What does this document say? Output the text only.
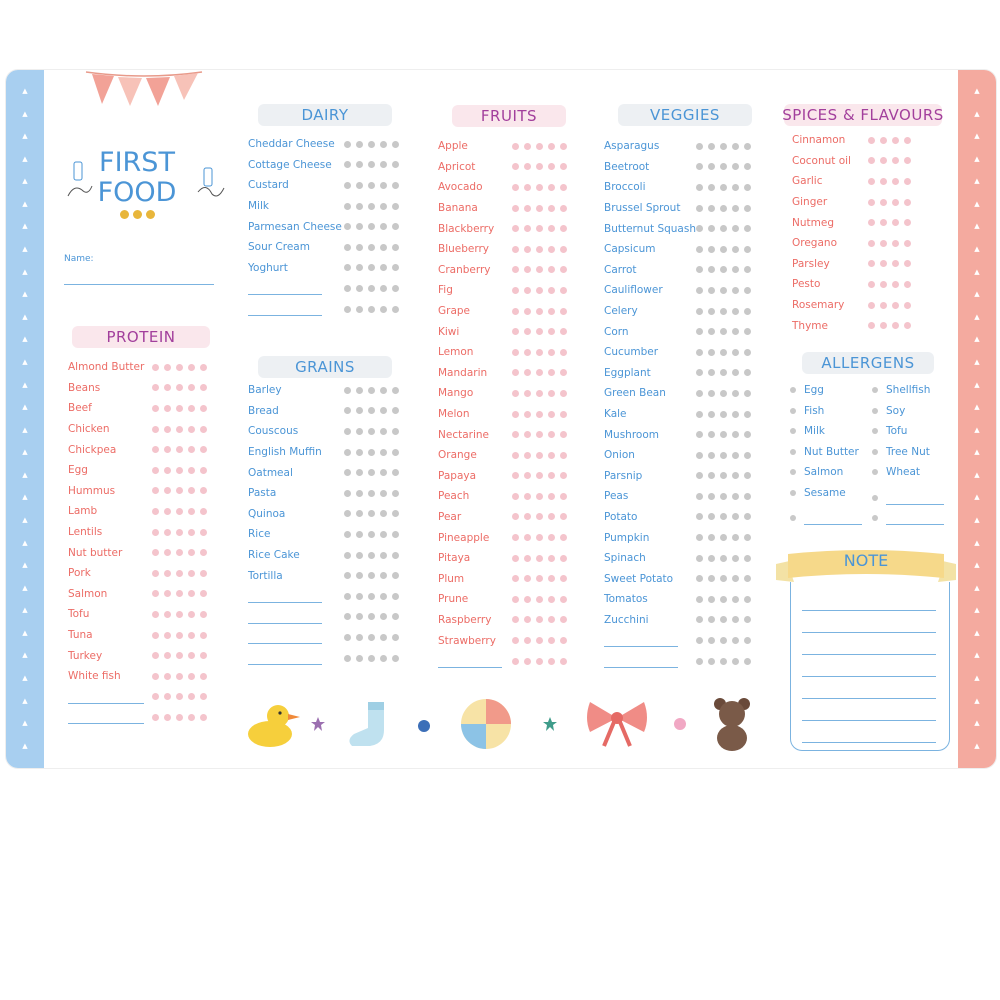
▲
▲
▲
▲
▲
▲
▲
▲
▲
▲
▲
▲
▲
▲
▲
▲
▲
▲
▲
▲
▲
▲
▲
▲
▲
▲
▲
▲
▲
▲
▲
▲
▲
▲
▲
▲
▲
▲
▲
▲
▲
▲
▲
▲
▲
▲
▲
▲
▲
▲
▲
▲
▲
▲
▲
▲
▲
▲
▲
▲
FIRST
FOOD
Name:
DAIRY
Cheddar Cheese
Cottage Cheese
Custard
Milk
Parmesan Cheese
Sour Cream
Yoghurt
GRAINS
Barley
Bread
Couscous
English Muffin
Oatmeal
Pasta
Quinoa
Rice
Rice Cake
Tortilla
FRUITS
Apple
Apricot
Avocado
Banana
Blackberry
Blueberry
Cranberry
Fig
Grape
Kiwi
Lemon
Mandarin
Mango
Melon
Nectarine
Orange
Papaya
Peach
Pear
Pineapple
Pitaya
Plum
Prune
Raspberry
Strawberry
VEGGIES
Asparagus
Beetroot
Broccoli
Brussel Sprout
Butternut Squash
Capsicum
Carrot
Cauliflower
Celery
Corn
Cucumber
Eggplant
Green Bean
Kale
Mushroom
Onion
Parsnip
Peas
Potato
Pumpkin
Spinach
Sweet Potato
Tomatos
Zucchini
SPICES & FLAVOURS
Cinnamon
Coconut oil
Garlic
Ginger
Nutmeg
Oregano
Parsley
Pesto
Rosemary
Thyme
PROTEIN
Almond Butter
Beans
Beef
Chicken
Chickpea
Egg
Hummus
Lamb
Lentils
Nut butter
Pork
Salmon
Tofu
Tuna
Turkey
White fish
ALLERGENS
Egg
Fish
Milk
Nut Butter
Salmon
Sesame
Shellfish
Soy
Tofu
Tree Nut
Wheat
NOTE
